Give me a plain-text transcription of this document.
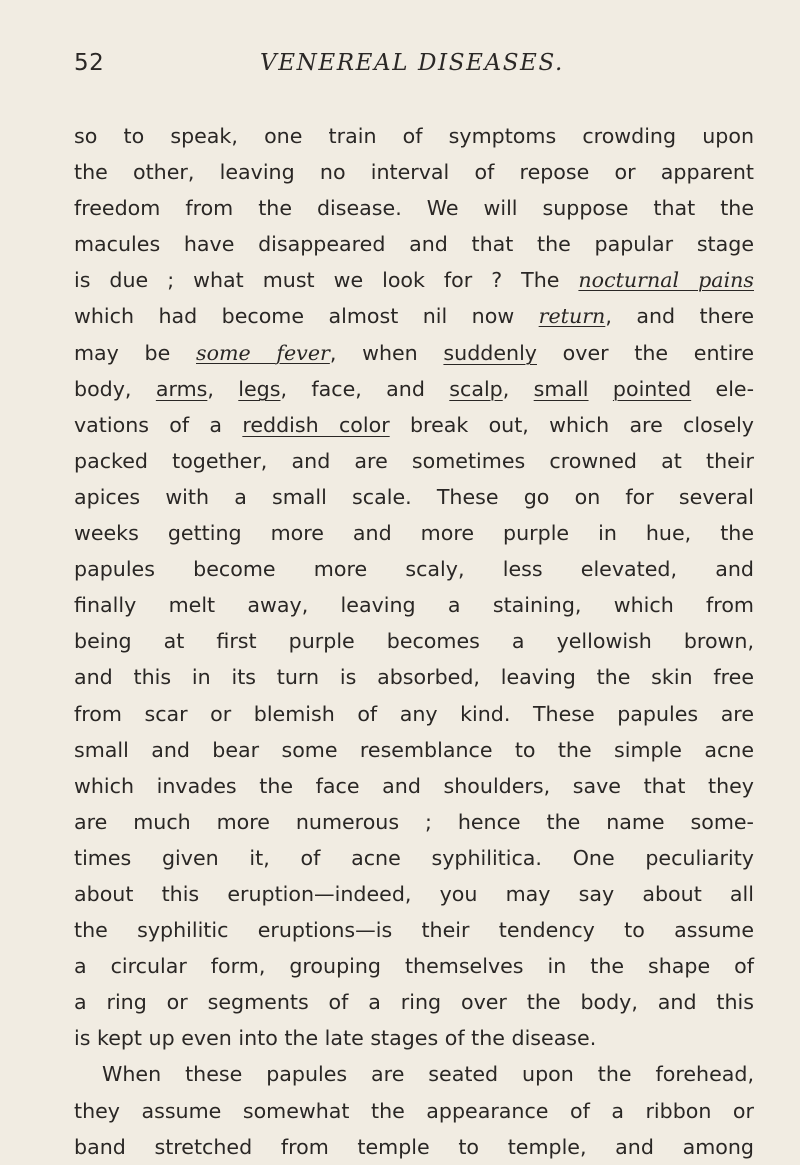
52	VENEREAL DISEASES.
so to speak, one train of symptoms crowding upon
the other, leaving no interval of repose or apparent
freedom from the disease. We will suppose that the
macules have disappeared and that the papular stage
is due ; what must we look for ? The nocturnal pains
which had become almost nil now return, and there
may be some fever, when suddenly over the entire
body, arms, legs, face, and scalp, small pointed ele-
vations of a reddish color break out, which are closely
packed together, and are sometimes crowned at their
apices with a small scale. These go on for several
weeks getting more and more purple in hue, the
papules become more scaly, less elevated, and
finally melt away, leaving a staining, which from
being at first purple becomes a yellowish brown,
and this in its turn is absorbed, leaving the skin free
from scar or blemish of any kind. These papules are
small and bear some resemblance to the simple acne
which invades the face and shoulders, save that they
are much more numerous ; hence the name some-
times given it, of acne syphilitica. One peculiarity
about this eruption—indeed, you may say about all
the syphilitic eruptions—is their tendency to assume
a circular form, grouping themselves in the shape of
a ring or segments of a ring over the body, and this
is kept up even into the late stages of the disease.
When these papules are seated upon the forehead,
they assume somewhat the appearance of a ribbon or
band stretched from temple to temple, and among
